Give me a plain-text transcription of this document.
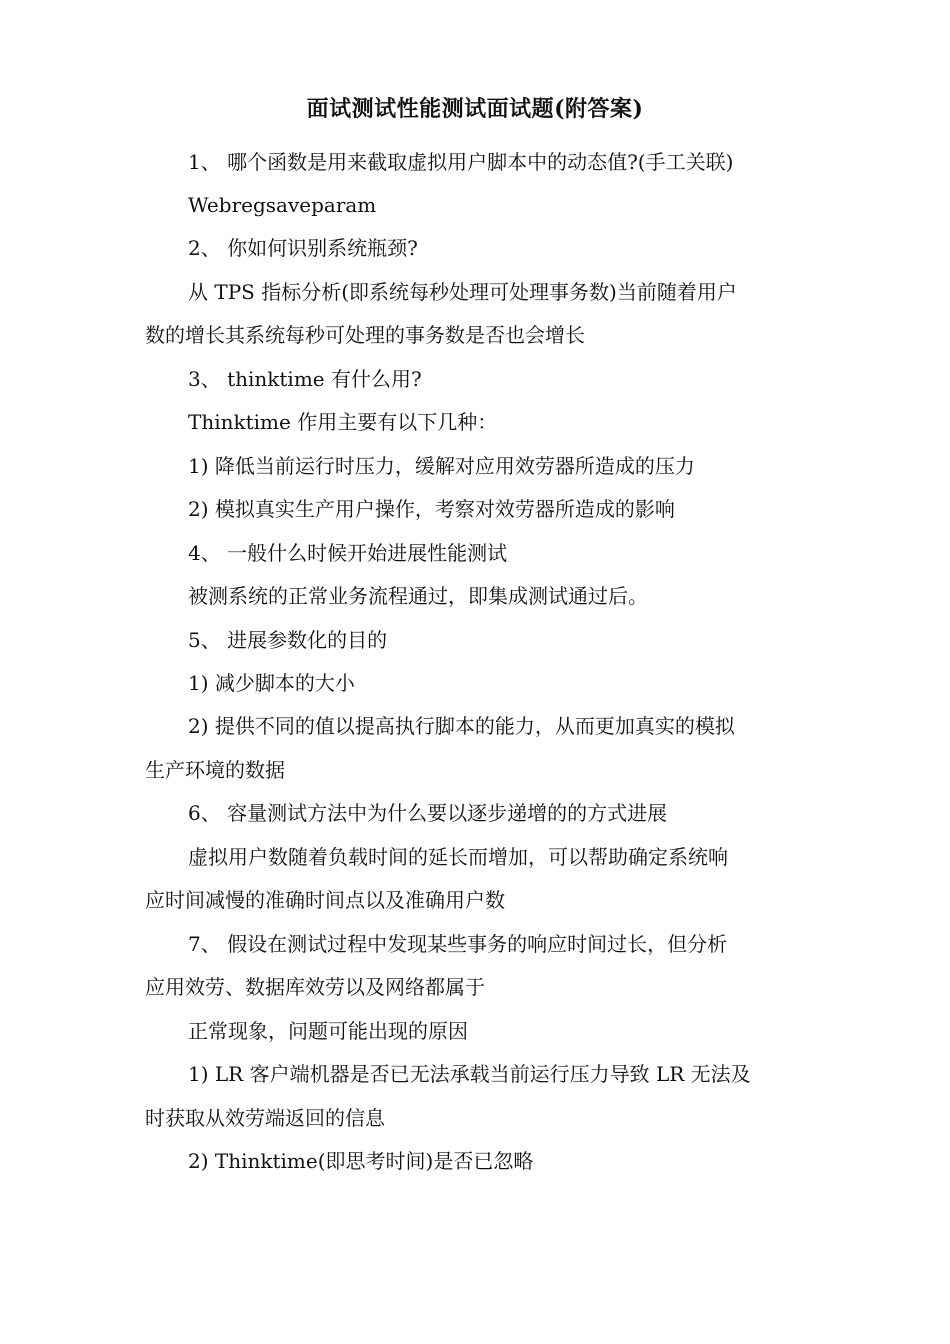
面试测试性能测试面试题(附答案)
1、 哪个函数是用来截取虚拟用户脚本中的动态值?(手工关联)
Webregsaveparam
2、 你如何识别系统瓶颈?
从 TPS 指标分析(即系统每秒处理可处理事务数)当前随着用户
数的增长其系统每秒可处理的事务数是否也会增长
3、 thinktime 有什么用?
Thinktime 作用主要有以下几种：
1) 降低当前运行时压力，缓解对应用效劳器所造成的压力
2) 模拟真实生产用户操作，考察对效劳器所造成的影响
4、 一般什么时候开始进展性能测试
被测系统的正常业务流程通过，即集成测试通过后。
5、 进展参数化的目的
1) 减少脚本的大小
2) 提供不同的值以提高执行脚本的能力，从而更加真实的模拟
生产环境的数据
6、 容量测试方法中为什么要以逐步递增的的方式进展
虚拟用户数随着负载时间的延长而增加，可以帮助确定系统响
应时间减慢的准确时间点以及准确用户数
7、 假设在测试过程中发现某些事务的响应时间过长，但分析
应用效劳、数据库效劳以及网络都属于
正常现象，问题可能出现的原因
1) LR 客户端机器是否已无法承载当前运行压力导致 LR 无法及
时获取从效劳端返回的信息
2) Thinktime(即思考时间)是否已忽略
